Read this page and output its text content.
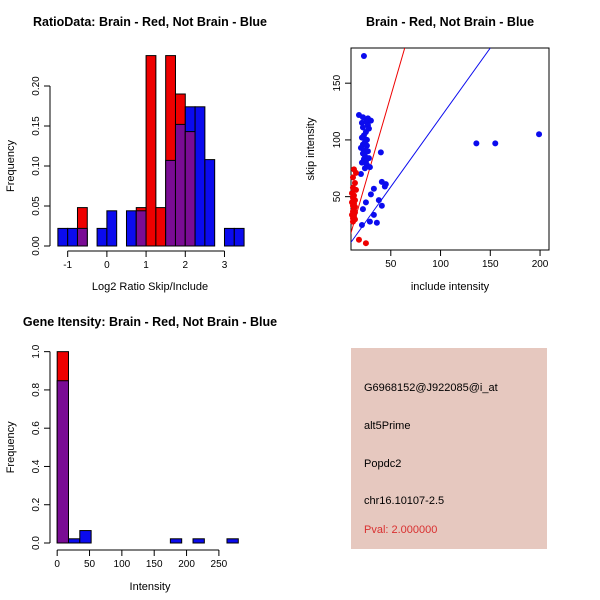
-1	0	1	2	3
0.00
0.05
0.10
0.15
0.20
RatioData: Brain - Red, Not Brain - Blue
Log2 Ratio Skip/Include
Frequency
50	100	150	200
50
100
150
Brain - Red, Not Brain - Blue
include intensity
skip intensity
0 50 100 150 200 250
0.0
0.2
0.4
0.6
0.8
1.0
Gene Itensity: Brain - Red, Not Brain - Blue
Intensity
Frequency
G6968152@J922085@i_at
alt5Prime
Popdc2
chr16.10107-2.5
Pval: 2.000000
